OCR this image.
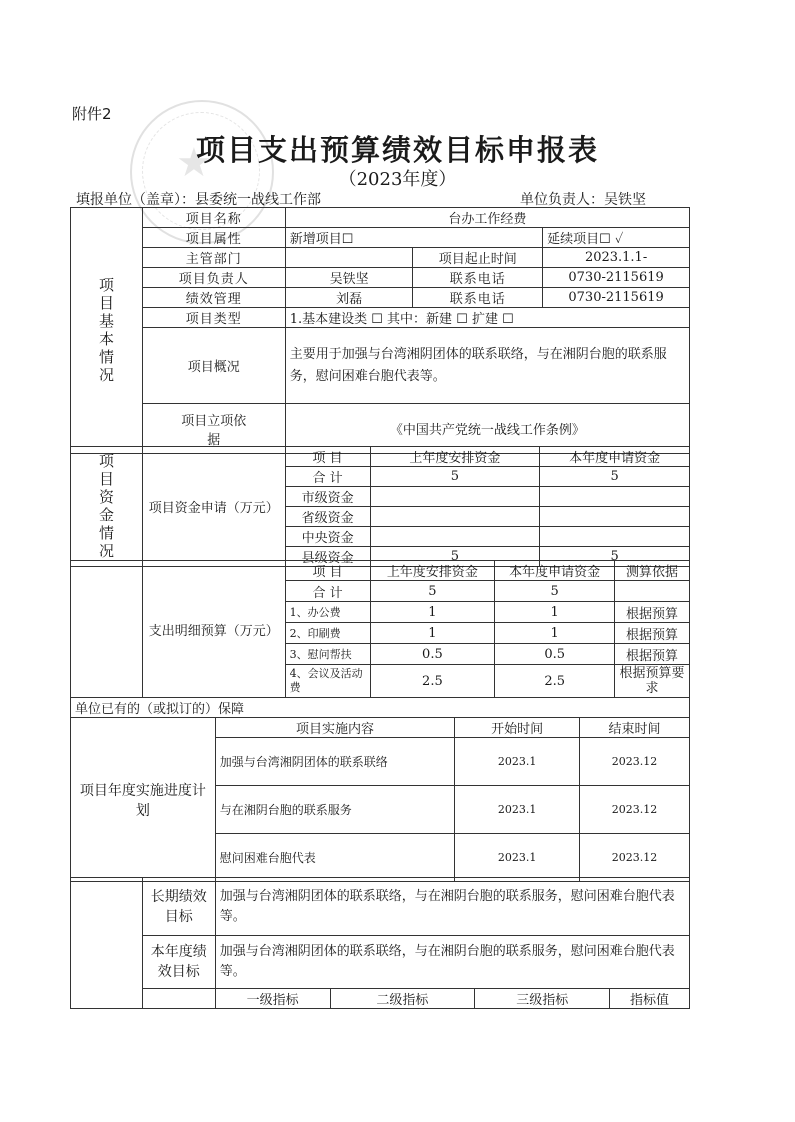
附件2
★
项目支出预算绩效目标申报表
（2023年度）
填报单位（盖章）：县委统一战线工作部	单位负责人：吴铁坚
项目基本情况	项目名称	台办工作经费		
	项目属性	新增项目☐		延续项目☐ ✓
	主管部门		项目起止时间	2023.1.1-
	项目负责人	吴铁坚	联系电话	0730-2115619
	绩效管理	刘磊	联系电话	0730-2115619
	项目类型	1.基本建设类 ☐ 其中：新建 ☐ 扩建 ☐		
	项目概况	主要用于加强与台湾湘阴团体的联系联络，与在湘阴台胞的联系服务，慰问困难台胞代表等。		
	项目立项依据	《中国共产党统一战线工作条例》		
项目资金情况	项目资金申请（万元）	项 目	上年度安排资金	本年度申请资金
		合 计	5	5
		市级资金		
		省级资金		
		中央资金		
		县级资金	5	5
	支出明细预算（万元）	项 目	上年度安排资金	本年度申请资金	测算依据
		合 计	5	5	
		1、办公费	1	1	根据预算
		2、印刷费	1	1	根据预算
		3、慰问帮扶	0.5	0.5	根据预算
		4、会议及活动费	2.5	2.5	根据预算要求
单位已有的（或拟订的）保障			
项目年度实施进度计划	项目实施内容	开始时间	结束时间
	加强与台湾湘阴团体的联系联络	2023.1	2023.12
	与在湘阴台胞的联系服务	2023.1	2023.12
	慰问困难台胞代表	2023.1	2023.12
	长期绩效目标	加强与台湾湘阴团体的联系联络，与在湘阴台胞的联系服务，慰问困难台胞代表等。			
	本年度绩效目标	加强与台湾湘阴团体的联系联络，与在湘阴台胞的联系服务，慰问困难台胞代表等。			
		一级指标	二级指标	三级指标	指标值
